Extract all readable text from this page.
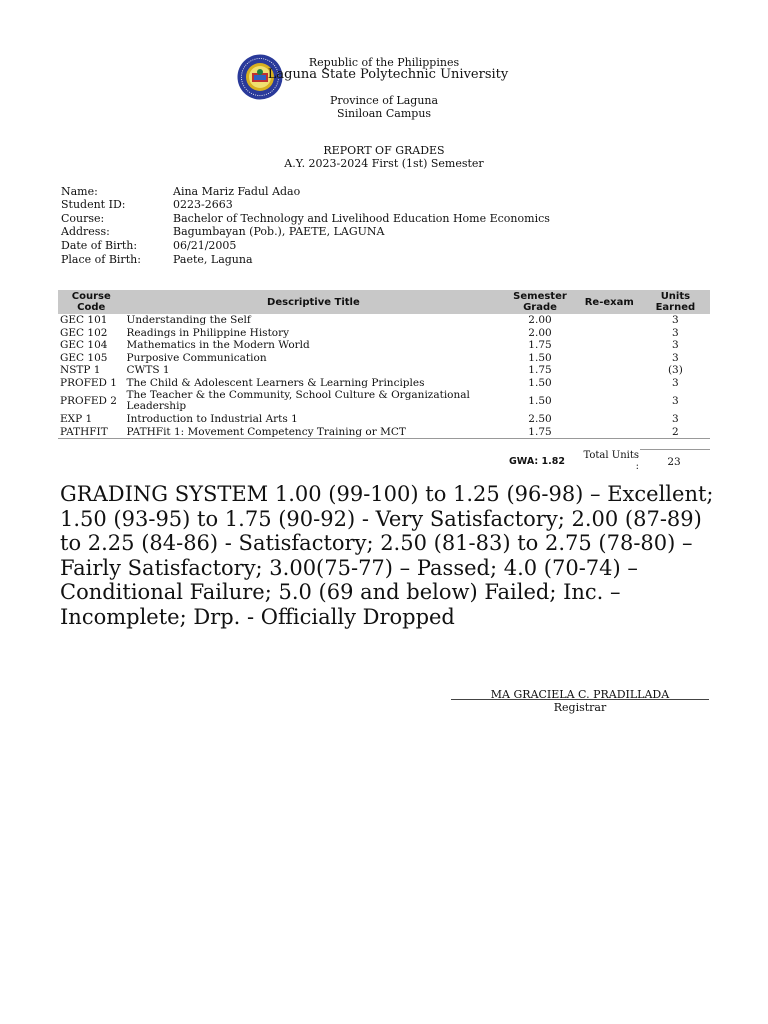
Republic of the Philippines
Laguna State Polytechnic University
Province of Laguna
Siniloan Campus
REPORT OF GRADES
A.Y. 2023-2024 First (1st) Semester
Name:	Aina Mariz Fadul Adao
Student ID:	0223-2663
Course:	Bachelor of Technology and Livelihood Education Home Economics
Address:	Bagumbayan (Pob.), PAETE, LAGUNA
Date of Birth:	06/21/2005
Place of Birth:	Paete, Laguna
Course Code	Descriptive Title	Semester Grade	Re-exam	Units Earned
GEC 101	Understanding the Self	2.00		3
GEC 102	Readings in Philippine History	2.00		3
GEC 104	Mathematics in the Modern World	1.75		3
GEC 105	Purposive Communication	1.50		3
NSTP 1	CWTS 1	1.75		(3)
PROFED 1	The Child & Adolescent Learners & Learning Principles	1.50		3
PROFED 2	The Teacher & the Community, School Culture & Organizational Leadership	1.50		3
EXP 1	Introduction to Industrial Arts 1	2.50		3
PATHFIT	PATHFit 1: Movement Competency Training or MCT	1.75		2
GWA: 1.82
Total Units :	23
GRADING SYSTEM 1.00 (99-100) to 1.25 (96-98) – Excellent; 1.50 (93-95) to 1.75 (90-92) - Very Satisfactory; 2.00 (87-89) to 2.25 (84-86) - Satisfactory; 2.50 (81-83) to 2.75 (78-80) – Fairly Satisfactory; 3.00(75-77) – Passed; 4.0 (70-74) – Conditional Failure; 5.0 (69 and below) Failed; Inc. – Incomplete; Drp. - Officially Dropped
MA GRACIELA C. PRADILLADA
Registrar
